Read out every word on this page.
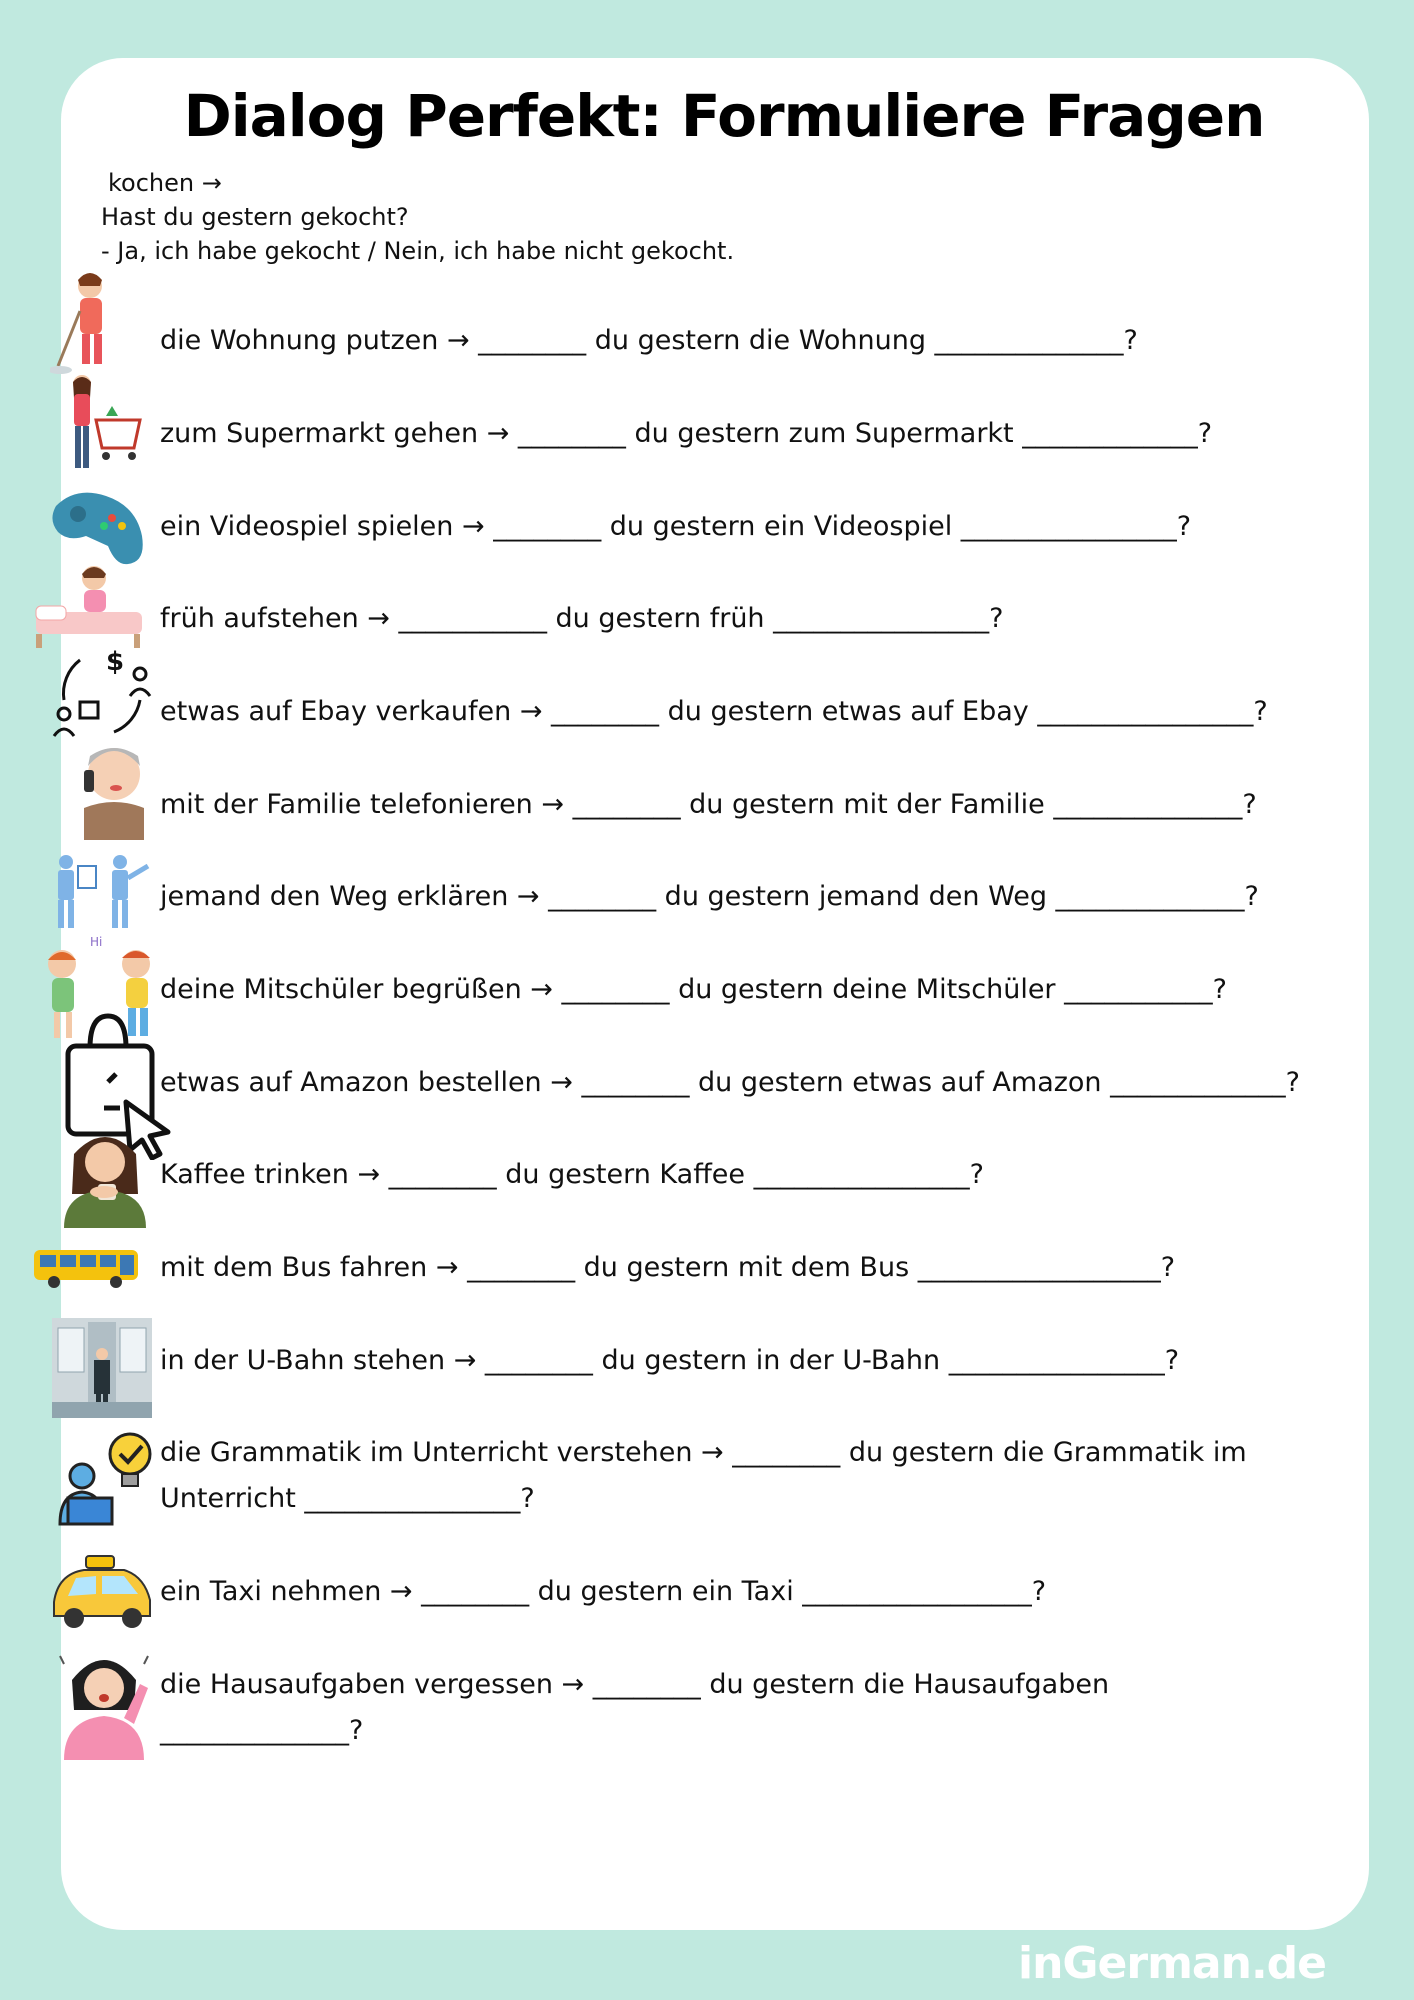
Dialog Perfekt: Formuliere Fragen
kochen →
Hast du gestern gekocht?
- Ja, ich habe gekocht / Nein, ich habe nicht gekocht.
die Wohnung putzen → ________ du gestern die Wohnung ______________?
zum Supermarkt gehen → ________ du gestern zum Supermarkt _____________?
ein Videospiel spielen → ________ du gestern ein Videospiel ________________?
früh aufstehen → ___________ du gestern früh ________________?
etwas auf Ebay verkaufen → ________ du gestern etwas auf Ebay ________________?
mit der Familie telefonieren → ________ du gestern mit der Familie ______________?
jemand den Weg erklären → ________ du gestern jemand den Weg ______________?
deine Mitschüler begrüßen → ________ du gestern deine Mitschüler ___________?
etwas auf Amazon bestellen → ________ du gestern etwas auf Amazon _____________?
Kaffee trinken → ________ du gestern Kaffee ________________?
mit dem Bus fahren → ________ du gestern mit dem Bus __________________?
in der U-Bahn stehen → ________ du gestern in der U-Bahn ________________?
die Grammatik im Unterricht verstehen → ________ du gestern die Grammatik im Unterricht ________________?
ein Taxi nehmen → ________ du gestern ein Taxi _________________?
die Hausaufgaben vergessen → ________ du gestern die Hausaufgaben ______________?
$
Hi
inGerman.de
